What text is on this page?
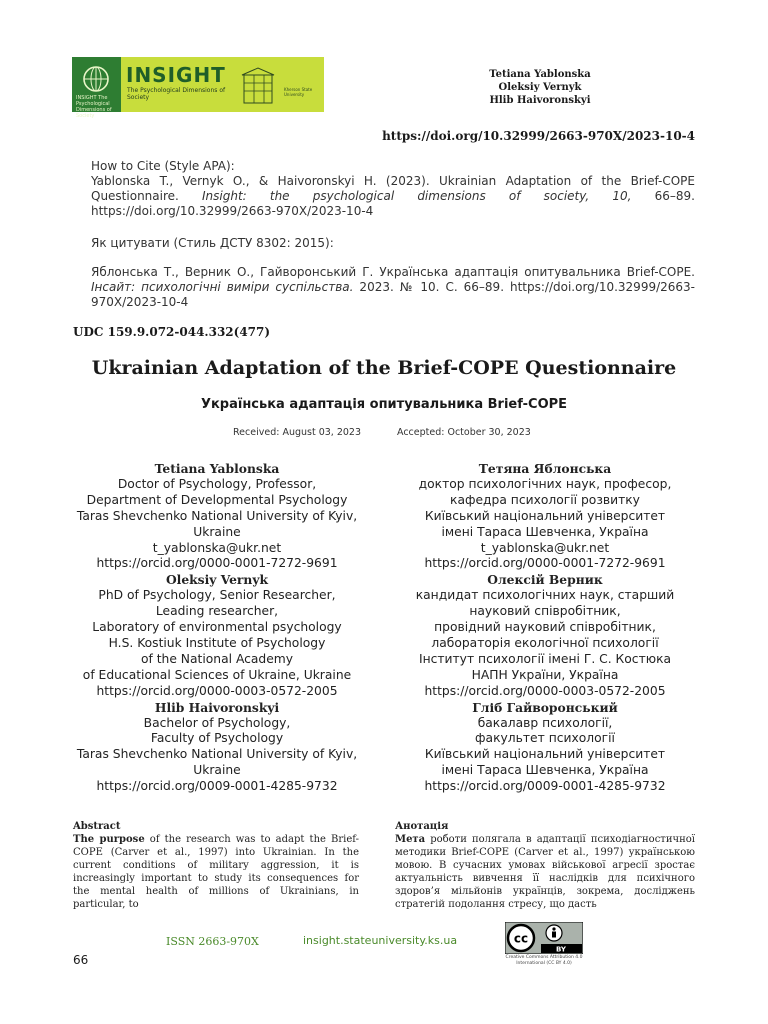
INSIGHT The Psychological Dimensions of Society
INSIGHT
The Psychological Dimensions of Society
Kherson State University
Tetiana Yablonska
Oleksiy Vernyk
Hlib Haivoronskyi
https://doi.org/10.32999/2663-970X/2023-10-4

How to Cite (Style APA):

Yablonska T., Vernyk O., & Haivoronskyi H. (2023). Ukrainian Adaptation of the Brief-COPE Questionnaire. Insight: the psychological dimensions of society, 10, 66–89. https://doi.org/10.32999/2663-970X/2023-10-4

Як цитувати (Стиль ДСТУ 8302: 2015):

Яблонська Т., Верник О., Гайворонський Г. Українська адаптація опитувальника Brief-COPE. Інсайт: психологічні виміри суспільства. 2023. № 10. С. 66–89. https://doi.org/10.32999/2663-970X/2023-10-4

UDC 159.9.072-044.332(477)
Ukrainian Adaptation of the Brief-COPE Questionnaire
Українська адаптація опитувальника Brief-COPE
Received: August 03, 2023	Accepted: October 30, 2023

Tetiana Yablonska

Doctor of Psychology, Professor,

Department of Developmental Psychology

Taras Shevchenko National University of Kyiv,

Ukraine

t_yablonska@ukr.net

https://orcid.org/0000-0001-7272-9691

Oleksiy Vernyk

PhD of Psychology, Senior Researcher,

Leading researcher,

Laboratory of environmental psychology

H.S. Kostiuk Institute of Psychology

of the National Academy

of Educational Sciences of Ukraine, Ukraine

https://orcid.org/0000-0003-0572-2005

Hlib Haivoronskyi

Bachelor of Psychology,

Faculty of Psychology

Taras Shevchenko National University of Kyiv,

Ukraine

https://orcid.org/0009-0001-4285-9732

Тетяна Яблонська

доктор психологічних наук, професор,

кафедра психології розвитку

Київський національний університет

імені Тараса Шевченка, Україна

t_yablonska@ukr.net

https://orcid.org/0000-0001-7272-9691

Олексій Верник

кандидат психологічних наук, старший

науковий співробітник,

провідний науковий співробітник,

лабораторія екологічної психології

Інститут психології імені Г. С. Костюка

НАПН України, Україна

https://orcid.org/0000-0003-0572-2005

Гліб Гайворонський

бакалавр психології,

факультет психології

Київський національний університет

імені Тараса Шевченка, Україна

https://orcid.org/0009-0001-4285-9732

Abstract

The purpose of the research was to adapt the Brief-COPE (Carver et al., 1997) into Ukrainian. In the current conditions of military aggression, it is increasingly important to study its consequences for the mental health of millions of Ukrainians, in particular, to

Анотація

Мета роботи полягала в адаптації психодіагностичної методики Brief-COPE (Carver et al., 1997) українською мовою. В сучасних умовах військової агресії зростає актуальність вивчення її наслідків для психічного здоров’я мільйонів українців, зокрема, досліджень стратегій подолання стресу, що дасть

ISSN 2663-970X	insight.stateuniversity.ks.ua	cc
BY
Creative Commons Attribution 4.0 International (CC BY 4.0)
66
